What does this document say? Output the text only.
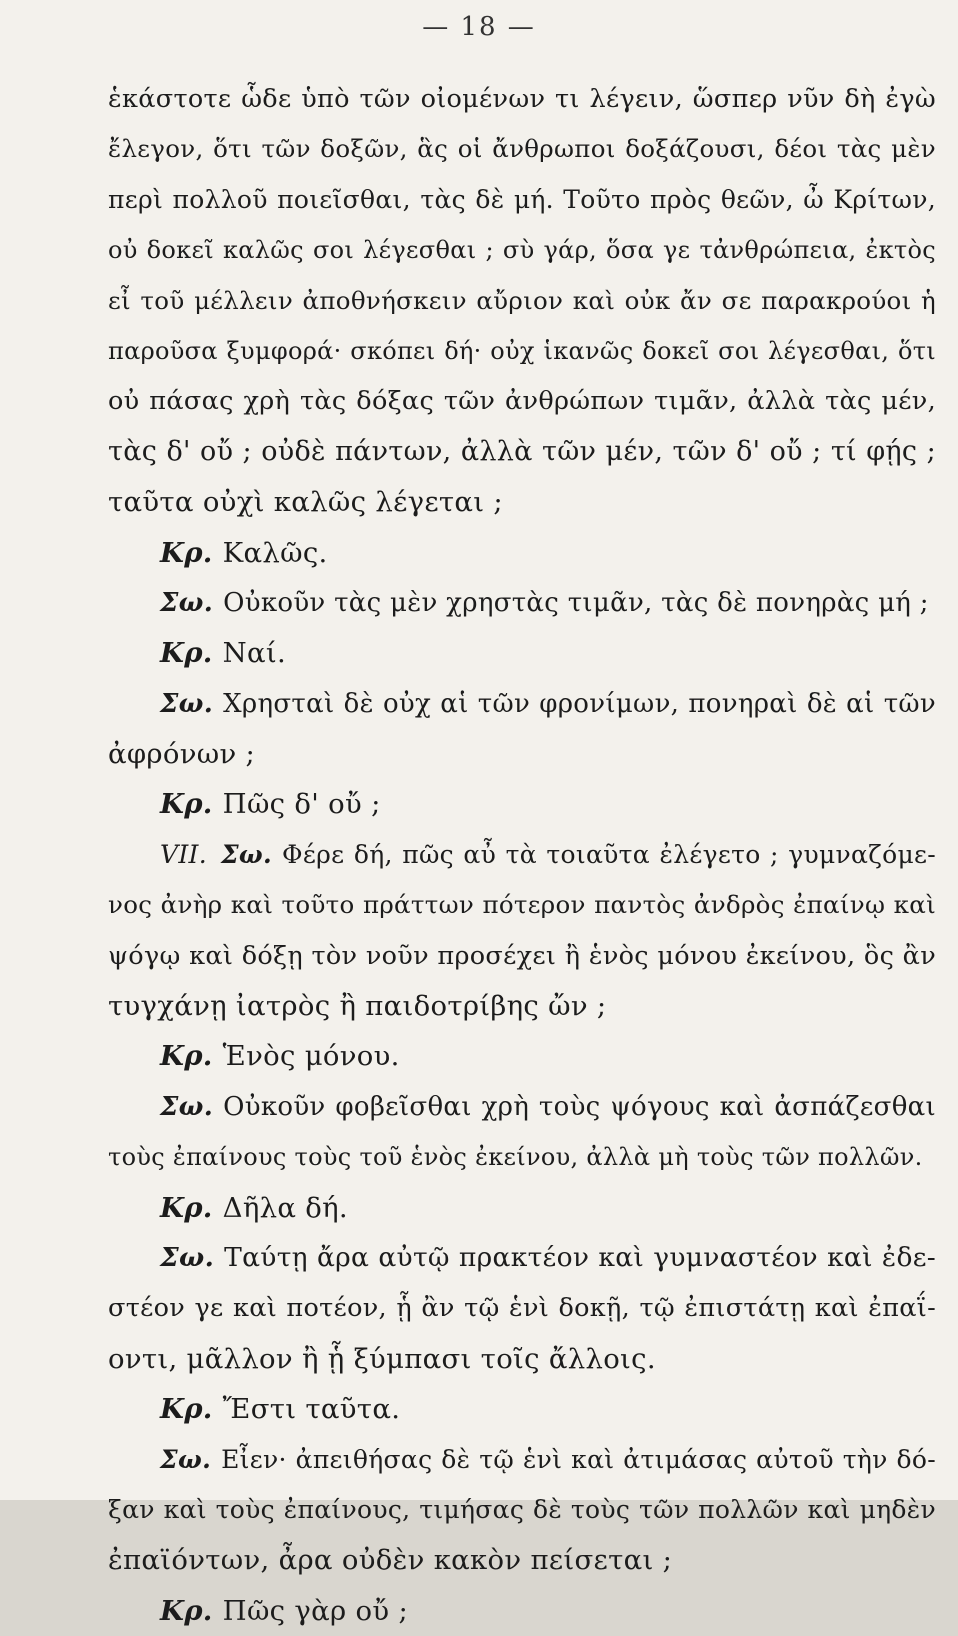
— 18 —
ἑκάστοτε ὧδε ὑπὸ τῶν οἰομένων τι λέγειν, ὥσπερ νῦν δὴ ἐγὼ
ἔλεγον, ὅτι τῶν δοξῶν, ἃς οἱ ἄνθρωποι δοξάζουσι, δέοι τὰς μὲν
περὶ πολλοῦ ποιεῖσθαι, τὰς δὲ μή. Τοῦτο πρὸς θεῶν, ὦ Κρίτων,
οὐ δοκεῖ καλῶς σοι λέγεσθαι ; σὺ γάρ, ὅσα γε τἀνθρώπεια, ἐκτὸς
εἶ τοῦ μέλλειν ἀποθνήσκειν αὔριον καὶ οὐκ ἄν σε παρακρούοι ἡ
παροῦσα ξυμφορά· σκόπει δή· οὐχ ἱκανῶς δοκεῖ σοι λέγεσθαι, ὅτι
οὐ πάσας χρὴ τὰς δόξας τῶν ἀνθρώπων τιμᾶν, ἀλλὰ τὰς μέν,
τὰς δ' οὔ ; οὐδὲ πάντων, ἀλλὰ τῶν μέν, τῶν δ' οὔ ; τί φῄς ;
ταῦτα οὐχὶ καλῶς λέγεται ;
Κρ. Καλῶς.
Σω. Οὐκοῦν τὰς μὲν χρηστὰς τιμᾶν, τὰς δὲ πονηρὰς μή ;
Κρ. Ναί.
Σω. Χρησταὶ δὲ οὐχ αἱ τῶν φρονίμων, πονηραὶ δὲ αἱ τῶν
ἀφρόνων ;
Κρ. Πῶς δ' οὔ ;
VII. Σω. Φέρε δή, πῶς αὖ τὰ τοιαῦτα ἐλέγετο ; γυμναζόμε-
νος ἀνὴρ καὶ τοῦτο πράττων πότερον παντὸς ἀνδρὸς ἐπαίνῳ καὶ
ψόγῳ καὶ δόξῃ τὸν νοῦν προσέχει ἢ ἑνὸς μόνου ἐκείνου, ὃς ἂν
τυγχάνῃ ἰατρὸς ἢ παιδοτρίβης ὤν ;
Κρ. Ἑνὸς μόνου.
Σω. Οὐκοῦν φοβεῖσθαι χρὴ τοὺς ψόγους καὶ ἀσπάζεσθαι
τοὺς ἐπαίνους τοὺς τοῦ ἑνὸς ἐκείνου, ἀλλὰ μὴ τοὺς τῶν πολλῶν.
Κρ. Δῆλα δή.
Σω. Ταύτῃ ἄρα αὐτῷ πρακτέον καὶ γυμναστέον καὶ ἐδε-
στέον γε καὶ ποτέον, ᾗ ἂν τῷ ἑνὶ δοκῇ, τῷ ἐπιστάτῃ καὶ ἐπαΐ-
οντι, μᾶλλον ἢ ᾗ ξύμπασι τοῖς ἄλλοις.
Κρ. Ἔστι ταῦτα.
Σω. Εἶεν· ἀπειθήσας δὲ τῷ ἑνὶ καὶ ἀτιμάσας αὐτοῦ τὴν δό-
ξαν καὶ τοὺς ἐπαίνους, τιμήσας δὲ τοὺς τῶν πολλῶν καὶ μηδὲν
ἐπαϊόντων, ἆρα οὐδὲν κακὸν πείσεται ;
Κρ. Πῶς γὰρ οὔ ;
